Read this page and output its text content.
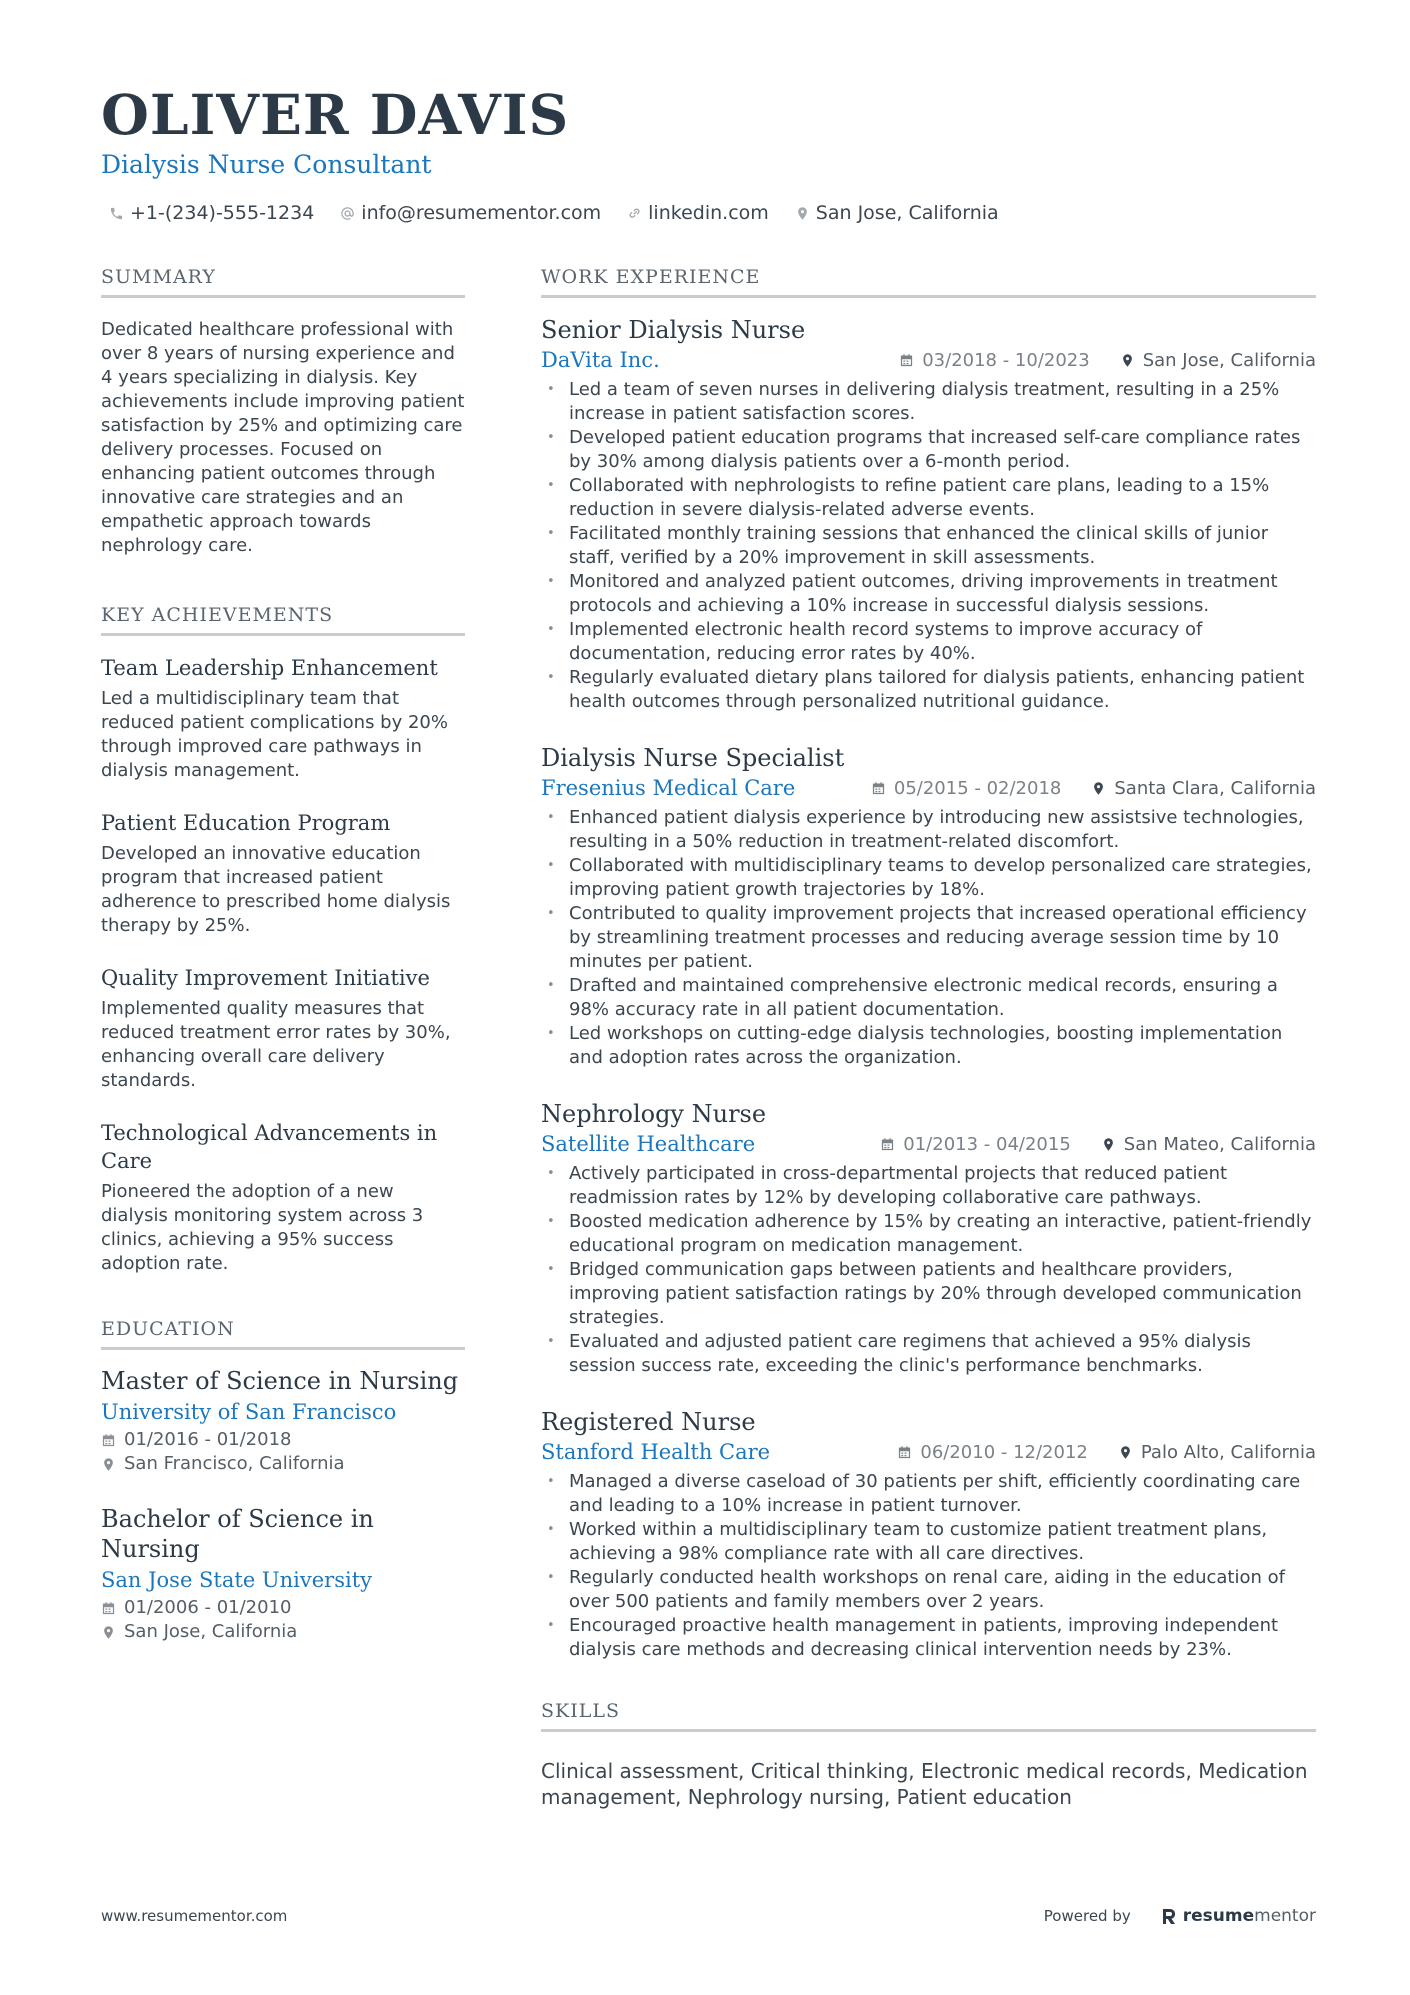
OLIVER DAVIS
Dialysis Nurse Consultant
+1-(234)-555-1234 info@resumementor.com linkedin.com San Jose, California
SUMMARY
Dedicated healthcare professional with over 8 years of nursing experience and 4 years specializing in dialysis. Key achievements include improving patient satisfaction by 25% and optimizing care delivery processes. Focused on enhancing patient outcomes through innovative care strategies and an empathetic approach towards nephrology care.
KEY ACHIEVEMENTS
Team Leadership Enhancement
Led a multidisciplinary team that reduced patient complications by 20% through improved care pathways in dialysis management.
Patient Education Program
Developed an innovative education program that increased patient adherence to prescribed home dialysis therapy by 25%.
Quality Improvement Initiative
Implemented quality measures that reduced treatment error rates by 30%, enhancing overall care delivery standards.
Technological Advancements in Care
Pioneered the adoption of a new dialysis monitoring system across 3 clinics, achieving a 95% success adoption rate.
EDUCATION
Master of Science in Nursing
University of San Francisco
01/2016 - 01/2018
San Francisco, California
Bachelor of Science in Nursing
San Jose State University
01/2006 - 01/2010
San Jose, California
WORK EXPERIENCE
Senior Dialysis Nurse
DaVita Inc.	03/2018 - 10/2023	San Jose, California
• Led a team of seven nurses in delivering dialysis treatment, resulting in a 25% increase in patient satisfaction scores.
• Developed patient education programs that increased self-care compliance rates by 30% among dialysis patients over a 6-month period.
• Collaborated with nephrologists to refine patient care plans, leading to a 15% reduction in severe dialysis-related adverse events.
• Facilitated monthly training sessions that enhanced the clinical skills of junior staff, verified by a 20% improvement in skill assessments.
• Monitored and analyzed patient outcomes, driving improvements in treatment protocols and achieving a 10% increase in successful dialysis sessions.
• Implemented electronic health record systems to improve accuracy of documentation, reducing error rates by 40%.
• Regularly evaluated dietary plans tailored for dialysis patients, enhancing patient health outcomes through personalized nutritional guidance.
Dialysis Nurse Specialist
Fresenius Medical Care	05/2015 - 02/2018	Santa Clara, California
• Enhanced patient dialysis experience by introducing new assistsive technologies, resulting in a 50% reduction in treatment-related discomfort.
• Collaborated with multidisciplinary teams to develop personalized care strategies, improving patient growth trajectories by 18%.
• Contributed to quality improvement projects that increased operational efficiency by streamlining treatment processes and reducing average session time by 10 minutes per patient.
• Drafted and maintained comprehensive electronic medical records, ensuring a 98% accuracy rate in all patient documentation.
• Led workshops on cutting-edge dialysis technologies, boosting implementation and adoption rates across the organization.
Nephrology Nurse
Satellite Healthcare	01/2013 - 04/2015	San Mateo, California
• Actively participated in cross-departmental projects that reduced patient readmission rates by 12% by developing collaborative care pathways.
• Boosted medication adherence by 15% by creating an interactive, patient-friendly educational program on medication management.
• Bridged communication gaps between patients and healthcare providers, improving patient satisfaction ratings by 20% through developed communication strategies.
• Evaluated and adjusted patient care regimens that achieved a 95% dialysis session success rate, exceeding the clinic's performance benchmarks.
Registered Nurse
Stanford Health Care	06/2010 - 12/2012	Palo Alto, California
• Managed a diverse caseload of 30 patients per shift, efficiently coordinating care and leading to a 10% increase in patient turnover.
• Worked within a multidisciplinary team to customize patient treatment plans, achieving a 98% compliance rate with all care directives.
• Regularly conducted health workshops on renal care, aiding in the education of over 500 patients and family members over 2 years.
• Encouraged proactive health management in patients, improving independent dialysis care methods and decreasing clinical intervention needs by 23%.
SKILLS
Clinical assessment, Critical thinking, Electronic medical records, Medication management, Nephrology nursing, Patient education
www.resumementor.com	Powered by	resume mentor
